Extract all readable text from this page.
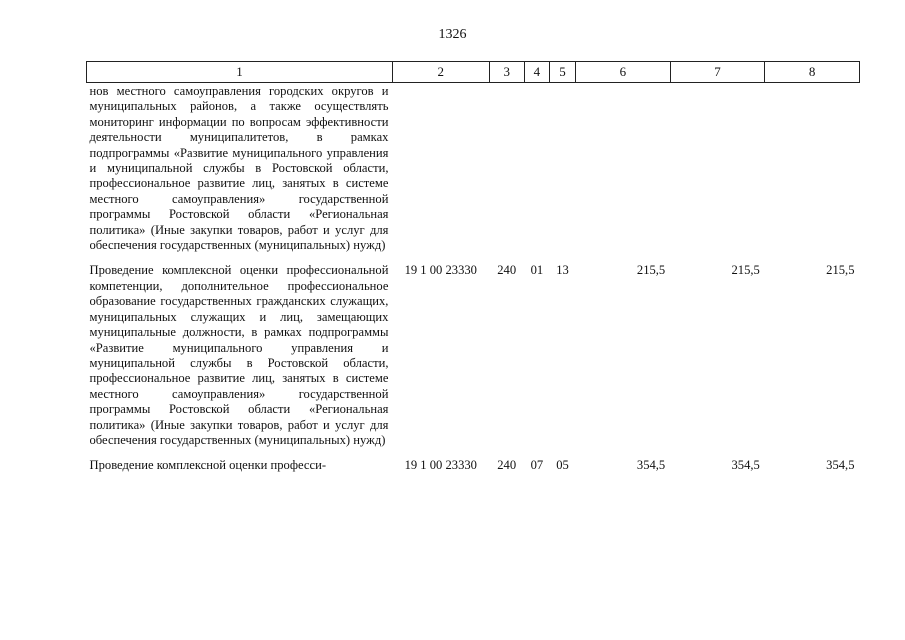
1326
1	2	3	4	5	6	7	8
нов местного самоуправления городских округов и муниципальных районов, а также осуществлять мониторинг информации по вопросам эффективности деятельности муниципалитетов, в рамках подпрограммы «Развитие муниципального управления и муниципальной службы в Ростовской области, профессиональное развитие лиц, занятых в системе местного самоуправления» государственной программы Ростовской области «Региональная политика» (Иные закупки товаров, работ и услуг для обеспечения государственных (муниципальных) нужд)							
Проведение комплексной оценки профессиональной компетенции, дополнительное профессиональное образование государственных гражданских служащих, муниципальных служащих и лиц, замещающих муниципальные должности, в рамках подпрограммы «Развитие муниципального управления и муниципальной службы в Ростовской области, профессиональное развитие лиц, занятых в системе местного самоуправления» государственной программы Ростовской области «Региональная политика» (Иные закупки товаров, работ и услуг для обеспечения государственных (муниципальных) нужд)	19 1 00 23330	240	01	13	215,5	215,5	215,5
Проведение комплексной оценки професси-	19 1 00 23330	240	07	05	354,5	354,5	354,5
